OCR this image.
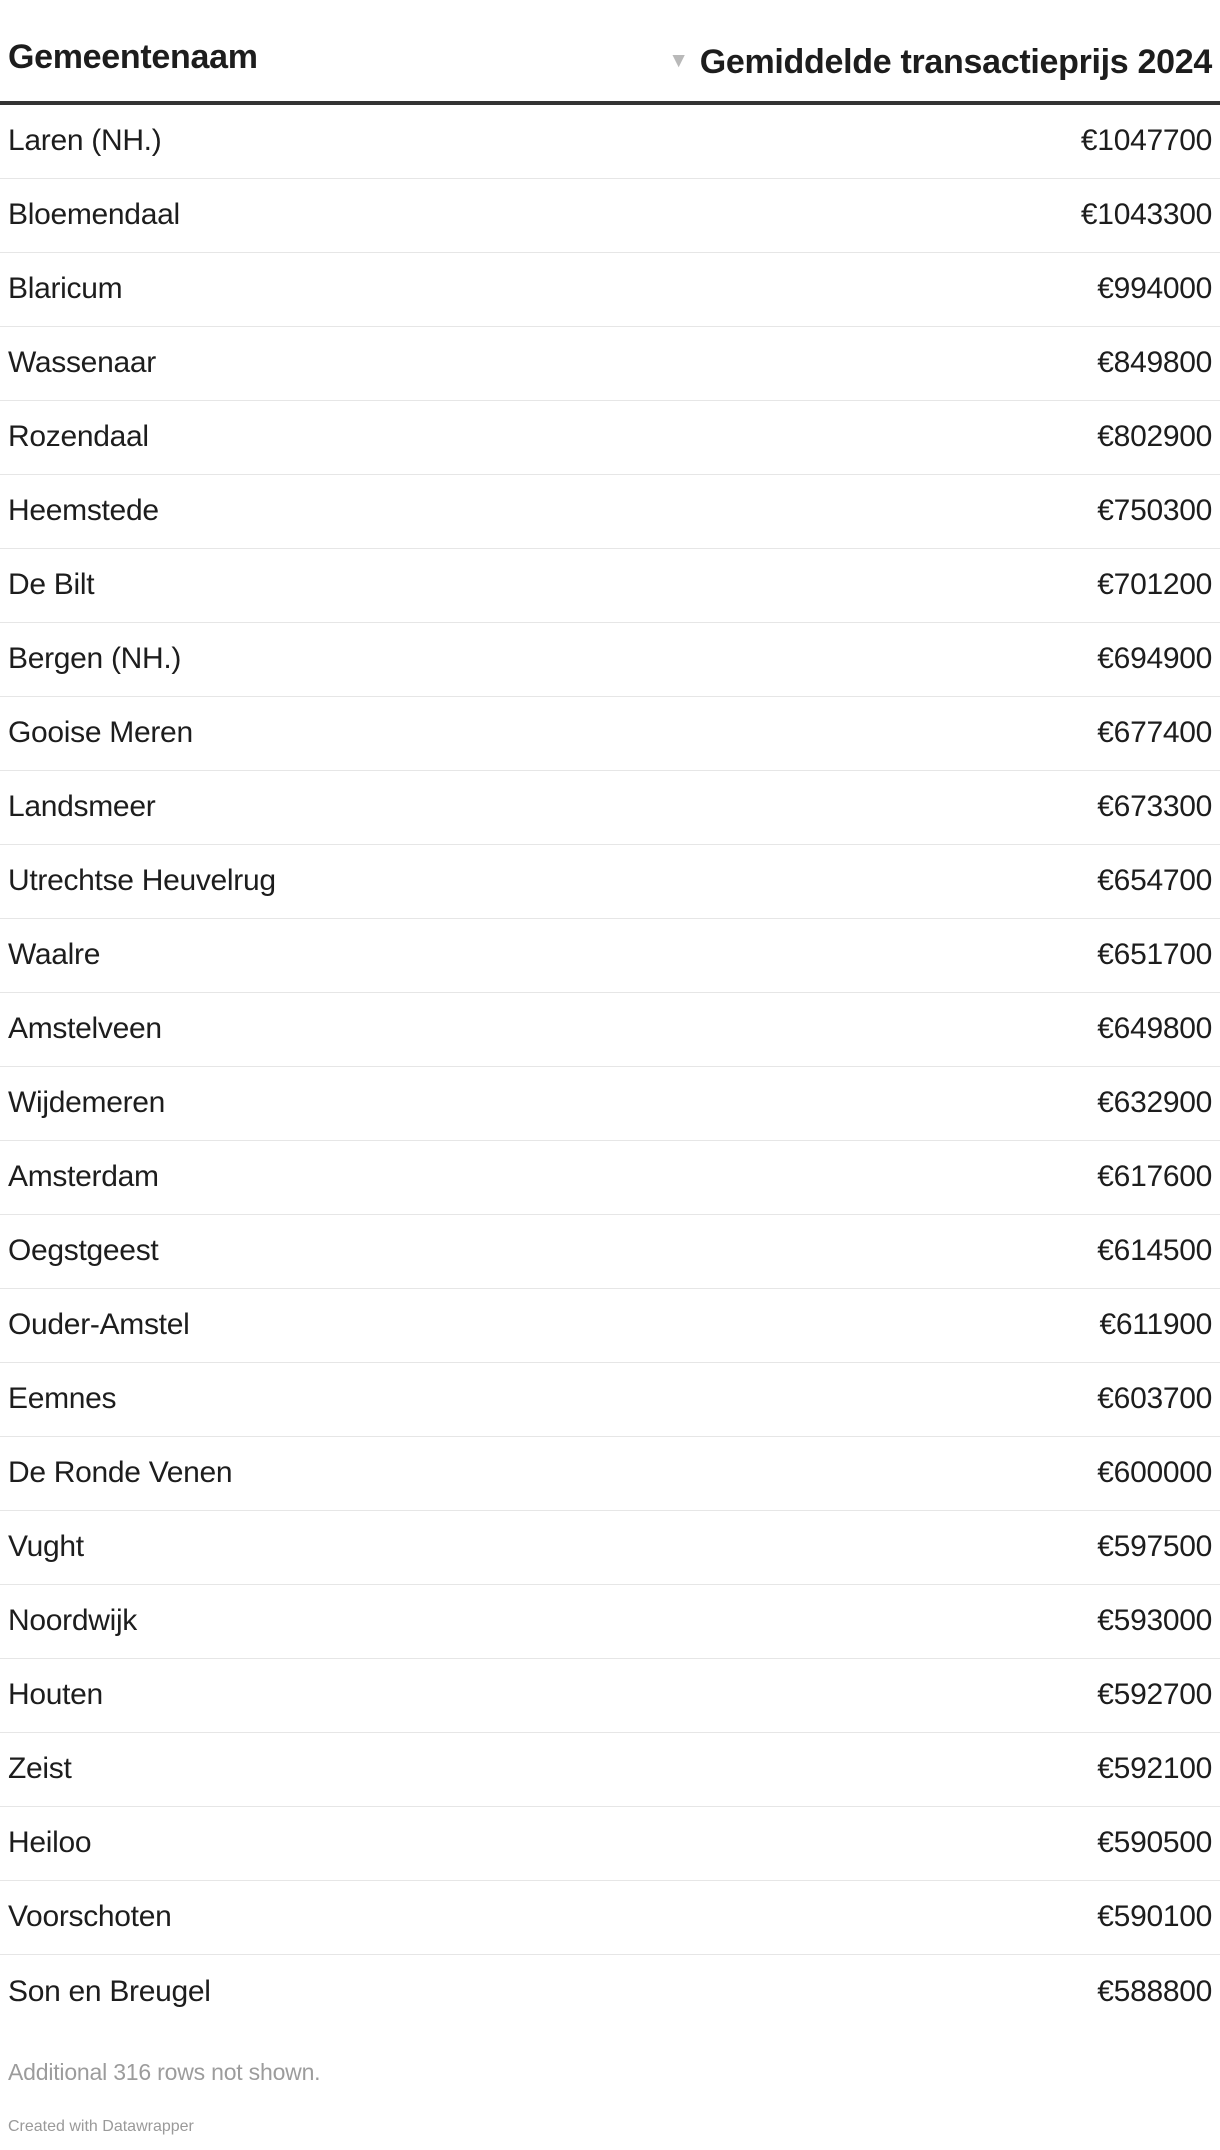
Gemeentenaam	▼ Gemiddelde transactieprijs 2024
Laren (NH.)	€1047700
Bloemendaal	€1043300
Blaricum	€994000
Wassenaar	€849800
Rozendaal	€802900
Heemstede	€750300
De Bilt	€701200
Bergen (NH.)	€694900
Gooise Meren	€677400
Landsmeer	€673300
Utrechtse Heuvelrug	€654700
Waalre	€651700
Amstelveen	€649800
Wijdemeren	€632900
Amsterdam	€617600
Oegstgeest	€614500
Ouder-Amstel	€611900
Eemnes	€603700
De Ronde Venen	€600000
Vught	€597500
Noordwijk	€593000
Houten	€592700
Zeist	€592100
Heiloo	€590500
Voorschoten	€590100
Son en Breugel	€588800
Additional 316 rows not shown.
Created with Datawrapper
